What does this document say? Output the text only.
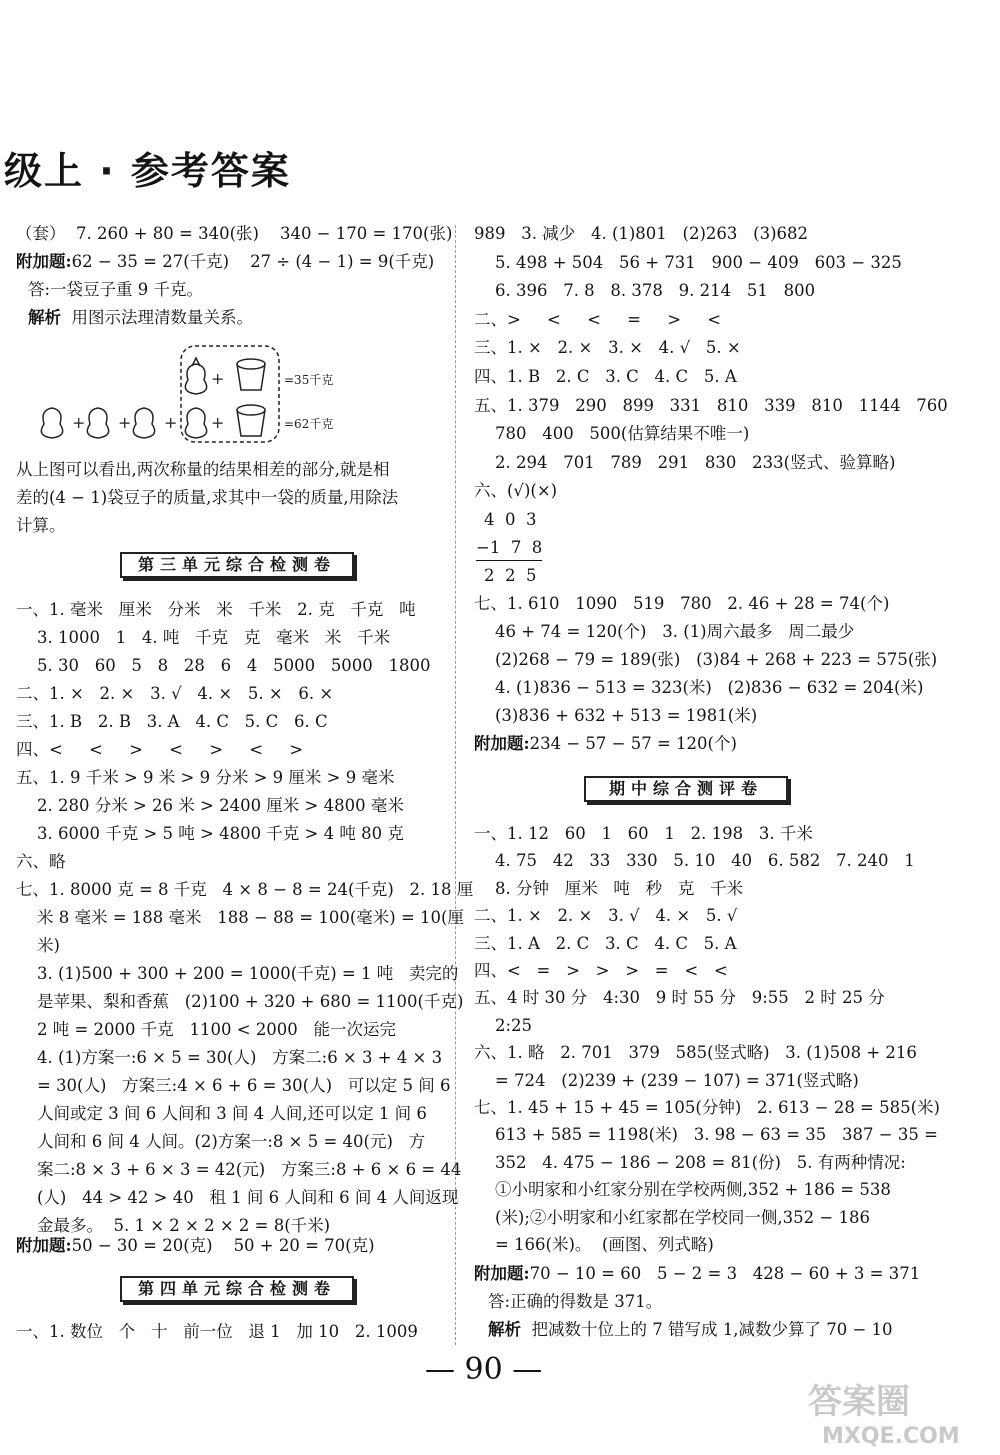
级上 · 参考答案
（套）  7. 260 + 80 = 340(张)    340 − 170 = 170(张)
附加题:62 − 35 = 27(千克)    27 ÷ (4 − 1) = 9(千克)
答:一袋豆子重 9 千克。
解析 用图示法理清数量关系。
+	=35千克
+ + + +	=62千克
从上图可以看出,两次称量的结果相差的部分,就是相
差的(4 − 1)袋豆子的质量,求其中一袋的质量,用除法
计算。
第三单元综合检测卷
一、1. 毫米   厘米   分米   米   千米   2. 克   千克   吨
3. 1000   1   4. 吨   千克   克   毫米   米   千米
5. 30   60   5   8   28   6   4   5000   5000   1800
二、1. ×   2. ×   3. √   4. ×   5. ×   6. ×
三、1. B   2. B   3. A   4. C   5. C   6. C
四、<     <     >     <     >     <     >
五、1. 9 千米 > 9 米 > 9 分米 > 9 厘米 > 9 毫米
2. 280 分米 > 26 米 > 2400 厘米 > 4800 毫米
3. 6000 千克 > 5 吨 > 4800 千克 > 4 吨 80 克
六、略
七、1. 8000 克 = 8 千克   4 × 8 − 8 = 24(千克)   2. 18 厘
米 8 毫米 = 188 毫米   188 − 88 = 100(毫米) = 10(厘
米)
3. (1)500 + 300 + 200 = 1000(千克) = 1 吨   卖完的
是苹果、梨和香蕉   (2)100 + 320 + 680 = 1100(千克)
2 吨 = 2000 千克   1100 < 2000   能一次运完
4. (1)方案一:6 × 5 = 30(人)   方案二:6 × 3 + 4 × 3
= 30(人)   方案三:4 × 6 + 6 = 30(人)   可以定 5 间 6
人间或定 3 间 6 人间和 3 间 4 人间,还可以定 1 间 6
人间和 6 间 4 人间。(2)方案一:8 × 5 = 40(元)   方
案二:8 × 3 + 6 × 3 = 42(元)   方案三:8 + 6 × 6 = 44
(人)   44 > 42 > 40   租 1 间 6 人间和 6 间 4 人间返现
金最多。  5. 1 × 2 × 2 × 2 = 8(千米)
附加题:50 − 30 = 20(克)    50 + 20 = 70(克)
第四单元综合检测卷
一、1. 数位   个   十   前一位   退 1   加 10   2. 1009
989   3. 减少   4. (1)801   (2)263   (3)682
5. 498 + 504   56 + 731   900 − 409   603 − 325
6. 396   7. 8   8. 378   9. 214   51   800
二、>     <     <     =     >     <
三、1. ×   2. ×   3. ×   4. √   5. ×
四、1. B   2. C   3. C   4. C   5. A
五、1. 379   290   899   331   810   339   810   1144   760
780   400   500(估算结果不唯一)
2. 294   701   789   291   830   233(竖式、验算略)
六、(√)(×)
4  0  3
−1  7  8
2  2  5
七、1. 610   1090   519   780   2. 46 + 28 = 74(个)
46 + 74 = 120(个)   3. (1)周六最多   周二最少
(2)268 − 79 = 189(张)   (3)84 + 268 + 223 = 575(张)
4. (1)836 − 513 = 323(米)   (2)836 − 632 = 204(米)
(3)836 + 632 + 513 = 1981(米)
附加题:234 − 57 − 57 = 120(个)
期中综合测评卷
一、1. 12   60   1   60   1   2. 198   3. 千米
4. 75   42   33   330   5. 10   40   6. 582   7. 240   1
8. 分钟   厘米   吨   秒   克   千米
二、1. ×   2. ×   3. √   4. ×   5. √
三、1. A   2. C   3. C   4. C   5. A
四、<   =   >   >   >   =   <   <
五、4 时 30 分   4:30   9 时 55 分   9:55   2 时 25 分
2:25
六、1. 略   2. 701   379   585(竖式略)   3. (1)508 + 216
= 724   (2)239 + (239 − 107) = 371(竖式略)
七、1. 45 + 15 + 45 = 105(分钟)   2. 613 − 28 = 585(米)
613 + 585 = 1198(米)   3. 98 − 63 = 35   387 − 35 =
352   4. 475 − 186 − 208 = 81(份)   5. 有两种情况:
①小明家和小红家分别在学校两侧,352 + 186 = 538
(米);②小明家和小红家都在学校同一侧,352 − 186
= 166(米)。  (画图、列式略)
附加题:70 − 10 = 60   5 − 2 = 3   428 − 60 + 3 = 371
答:正确的得数是 371。
解析 把减数十位上的 7 错写成 1,减数少算了 70 − 10
— 90 —
答案圈
MXQE.COM
